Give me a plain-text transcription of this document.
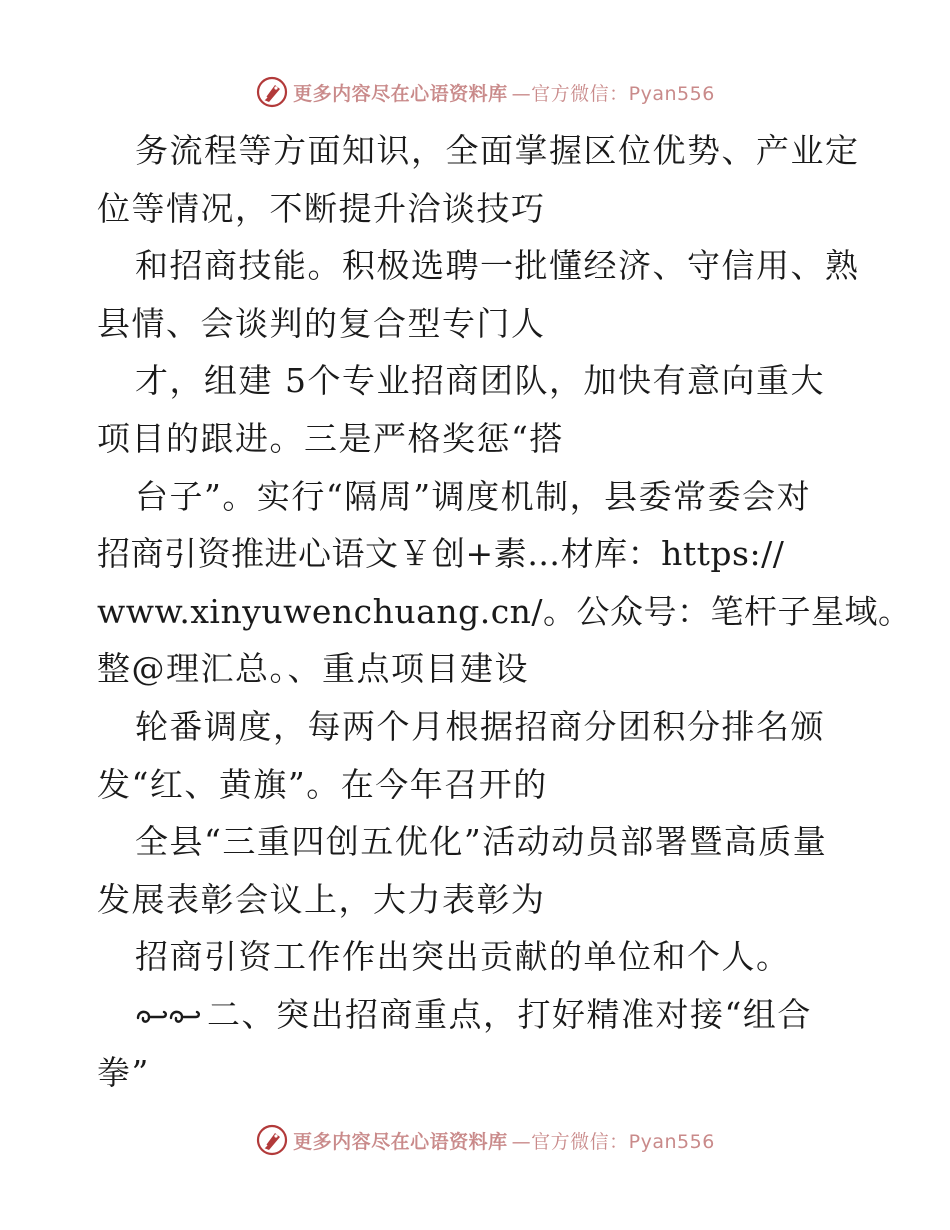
更多内容尽在心语资料库 —官方微信：Pyan556
务流程等方面知识，全面掌握区位优势、产业定
位等情况，不断提升洽谈技巧
和招商技能。积极选聘一批懂经济、守信用、熟
县情、会谈判的复合型专门人
才，组建 5个专业招商团队，加快有意向重大
项目的跟进。三是严格奖惩“搭
台子”。实行“隔周”调度机制，县委常委会对
招商引资推进心语文￥创+素…材库：https://
www.xinyuwenchuang.cn/。公众号：笔杆子星域。
整@理汇总。、重点项目建设
轮番调度，每两个月根据招商分团积分排名颁
发“红、黄旗”。在今年召开的
全县“三重四创五优化”活动动员部署暨高质量
发展表彰会议上，大力表彰为
招商引资工作作出突出贡献的单位和个人。
二、突出招商重点，打好精准对接“组合
拳”
更多内容尽在心语资料库 —官方微信：Pyan556
